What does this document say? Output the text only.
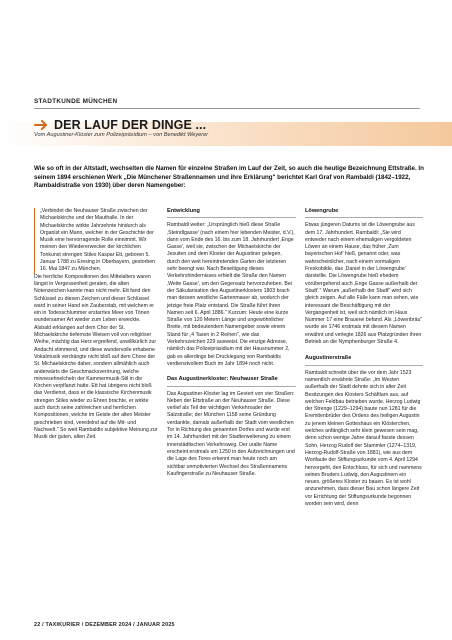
STADTKUNDE MÜNCHEN
DER LAUF DER DINGE ...
Vom Augustiner-Kloster zum Polizeipräsidium – von Benedikt Weyerer
Wie so oft in der Altstadt, wechselten die Namen für einzelne Straßen im Lauf der Zeit, so auch die heutige Bezeichnung Ettstraße. In seinem 1894 erschienen Werk „Die Münchener Straßennamen und ihre Erklärung" berichtet Karl Graf von Rambaldi (1842–1922, Rambaldistraße von 1930) über deren Namengeber:

„Verbindet die Neuhauser Straße zwischen der Michaelskirche und der Mauthalle. In der Michaelskirche wirkte Jahrzehnte hindurch als Organist ein Mann, welcher in der Geschichte der Musik eine hervorragende Rolle einnimmt. Wir meinen den Wiedererwecker der kirchlichen Tonkunst strengen Stiles Kaspar Ett, geboren 5. Januar 1788 zu Eresing in Oberbayern, gestorben 16. Mai 1847 zu München.

Die herrliche Kompositionen des Mittelalters waren längst in Vergessenheit geraten, die alten Notenzeichen kannte man nicht mehr. Ett fand den Schlüssel zu diesen Zeichen und dieser Schlüssel ward in seiner Hand ein Zauberstab, mit welchem er ein in Todesschlummer erstarrtes Meer von Tönen wundersamer Art wieder zum Leben erweckte. Alsbald erklangen auf dem Chor der St. Michaelskirche tiefernste Weisen voll von religiöser Weihe, mächtig das Herz ergreifend, unwillkürlich zur Andacht stimmend, und diese wundervolle erhabene Vokalmusik verdrängte nicht bloß auf dem Chore der St. Michaelskirche daher, sondern allmählich auch anderwärts die Geschmacksverirrung, welche minnesehnelcheln der Kammermusik-Stil in die Kirchen verpflanzt hatte. Ett hat übrigens nicht bloß das Verdienst, dass er die klassische Kirchenmusik strengen Stiles wieder zu Ehren brachte, er wirkte auch durch seine zahlreichen und herrlichen Kompositionen, welche im Geiste der alten Meister geschrieben sind, veredelnd auf die Mit- und Nachwelt." So weit Rambaldis subjektive Meinung zur Musik der guten, alten Zeit.

Entwicklung

Rambaldi weiter: „Ursprünglich hieß diese Straße ‚Steindlgasse' (nach einem hier lebenden Meister, d.V.), dann vom Ende des 16. bis zum 18. Jahrhundert ‚Enge Gasse', weil sie, zwischen der Michaelskirche der Jesuiten und dem Kloster der Augustiner gelegen, durch den weit hereintretenden Garten der letzteren sehr beengt war. Nach Beseitigung dieses Verkehrshindernisses erhielt die Straße den Namen ‚Weite Gasse', um den Gegensatz hervorzuheben. Bei der Säkularisation des Augustinerklosters 1803 brach man dessen westliche Gartenmauer ab, wodurch der jetzige freie Platz entstand. Die Straße führt ihren Namen seit 6. April 1886." Kurzum: Heute eine kurze Straße von 120 Metern Länge und ungewöhnlicher Breite, mit bedeutendem Namengeber sowie einem Stand für „4 Tasen in 2 Reihen", wie das Verkehrszeichen 229 ausweist. Die einzige Adresse, nämlich das Polizeipräsidium mit der Hausnummer 2, gab es allerdings bei Drucklegung von Rambaldis verdienstvollem Buch im Jahr 1894 noch nicht.

Das Augustinerkloster: Neuhauser Straße

Das Augustiner-Kloster lag im Geviert von vier Straßen: Neben der Ettstraße an der Neuhauser Straße. Diese verlief als Teil der wichtigen Verkehrsader der Salzstraße; der München 1158 seine Gründung verdankte, damals außerhalb der Stadt vom westlichen Tor in Richtung des genannten Dorfes und wurde erst im 14. Jahrhundert mit der Stadterweiterung zu einem innerstädtischen Verkehrsweg. Der uralte Name erscheint erstmals um 1250 in den Aufzeichnungen und die Lage des Tores erkennt man heute noch am sichtbar unmotivierten Wechsel des Straßennamens Kaufingerstraße zu Neuhauser Straße.

Löwengrube

Etwas jüngeren Datums ist die Löwengrube aus dem 17. Jahrhundert. Rambaldi: „Sie wird entweder nach einem ehemaligen vergoldeten Löwen an einem Hause, das früher ‚Zum bayerischen Hof' hieß, genannt oder, was wahrscheinlicher, nach einem vormaligen Freskobilde, das ‚Daniel in der Löwengrube' darstellte. Die Löwengrube hieß ehedem vorübergehend auch ‚Enge Gasse außerhalb der Stadt'." Warum „außerhalb der Stadt" wird sich gleich zeigen. Auf alle Fälle kann man sehen, wie interessant die Beschäftigung mit der Vergangenheit ist, weil sich nämlich im Haus Nummer 17 eine Brauerei befand. Als „Löwenbräu" wurde sie 1746 erstmals mit diesem Namen erwähnt und verlegte 1826 aus Platzgründen ihren Betrieb an die Nymphenburger Straße 4.

Augustinerstraße

Rambaldi schreibt über die vor dem Jahr 1523 namentlich erwähnte Straße: „Im Westen außerhalb der Stadt dehnte sich in alter Zeit Besitzungen des Klosters Schäftlarn aus, auf welchen Feldbau betrieben wurde. Herzog Ludwig der Strenge (1229–1294) baute nun 1281 für die Eremitenbrüder des Ordens des heiligen Augustin zu jenem kleinen Gotteshaus ein Klösterchen, welches anfänglich sehr klein gewesen sein mag, denn schon wenige Jahre darauf fasste dessen Sohn, Herzog Rudolf der Stammler (1274–1319, Herzog-Rudolf-Straße von 1881), wie aus dem Wortlaute der Stiftungsurkunde vom 4. April 1294 hervorgeht, den Entschluss, für sich und nammens seines Bruders Ludwig, den Augustinern ein neues, größeres Kloster zu bauen. Es ist wohl anzunehmen, dass dieser Bau schon längere Zeit vor Errichtung der Stiftungsurkunde begonnen worden sein wird, denn

22 / TAXIKURIER / DEZEMBER 2024 / JANUAR 2025
